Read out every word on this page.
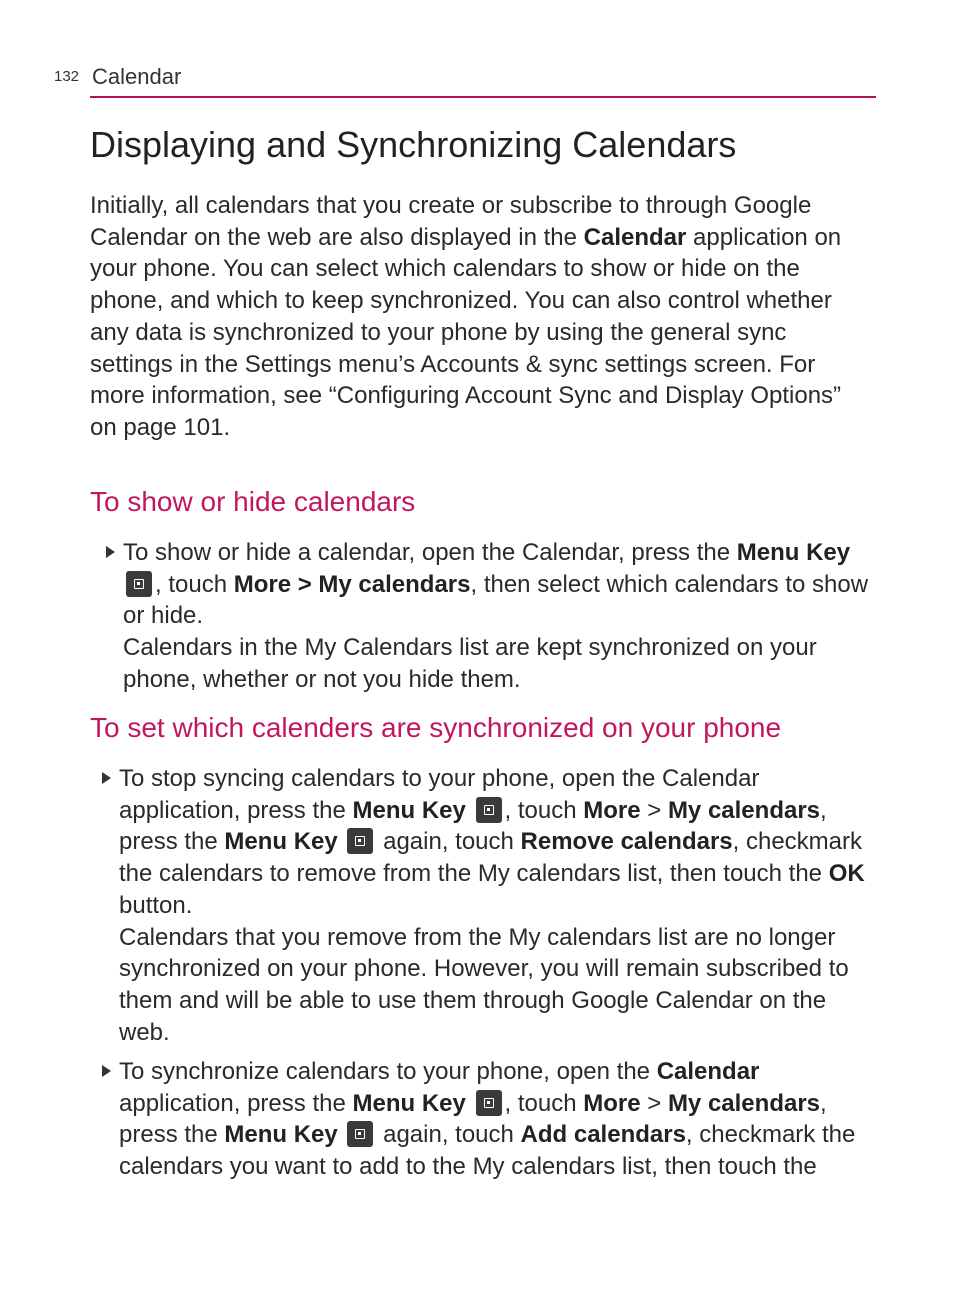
132 Calendar
Displaying and Synchronizing Calendars

Initially, all calendars that you create or subscribe to through Google Calendar on the web are also displayed in the Calendar application on your phone. You can select which calendars to show or hide on the phone, and which to keep synchronized. You can also control whether any data is synchronized to your phone by using the general sync settings in the Settings menu’s Accounts & sync settings screen. For more information, see “Configuring Account Sync and Display Options” on page 101.

To show or hide calendars

To show or hide a calendar, open the Calendar, press the Menu Key , touch More > My calendars, then select which calendars to show or hide.

Calendars in the My Calendars list are kept synchronized on your phone, whether or not you hide them.

To set which calenders are synchronized on your phone

To stop syncing calendars to your phone, open the Calendar application, press the Menu Key , touch More > My calendars, press the Menu Key  again, touch Remove calendars, checkmark the calendars to remove from the My calendars list, then touch the OK button.

Calendars that you remove from the My calendars list are no longer synchronized on your phone. However, you will remain subscribed to them and will be able to use them through Google Calendar on the web.

To synchronize calendars to your phone, open the Calendar application, press the Menu Key , touch More > My calendars, press the Menu Key  again, touch Add calendars, checkmark the calendars you want to add to the My calendars list, then touch the
